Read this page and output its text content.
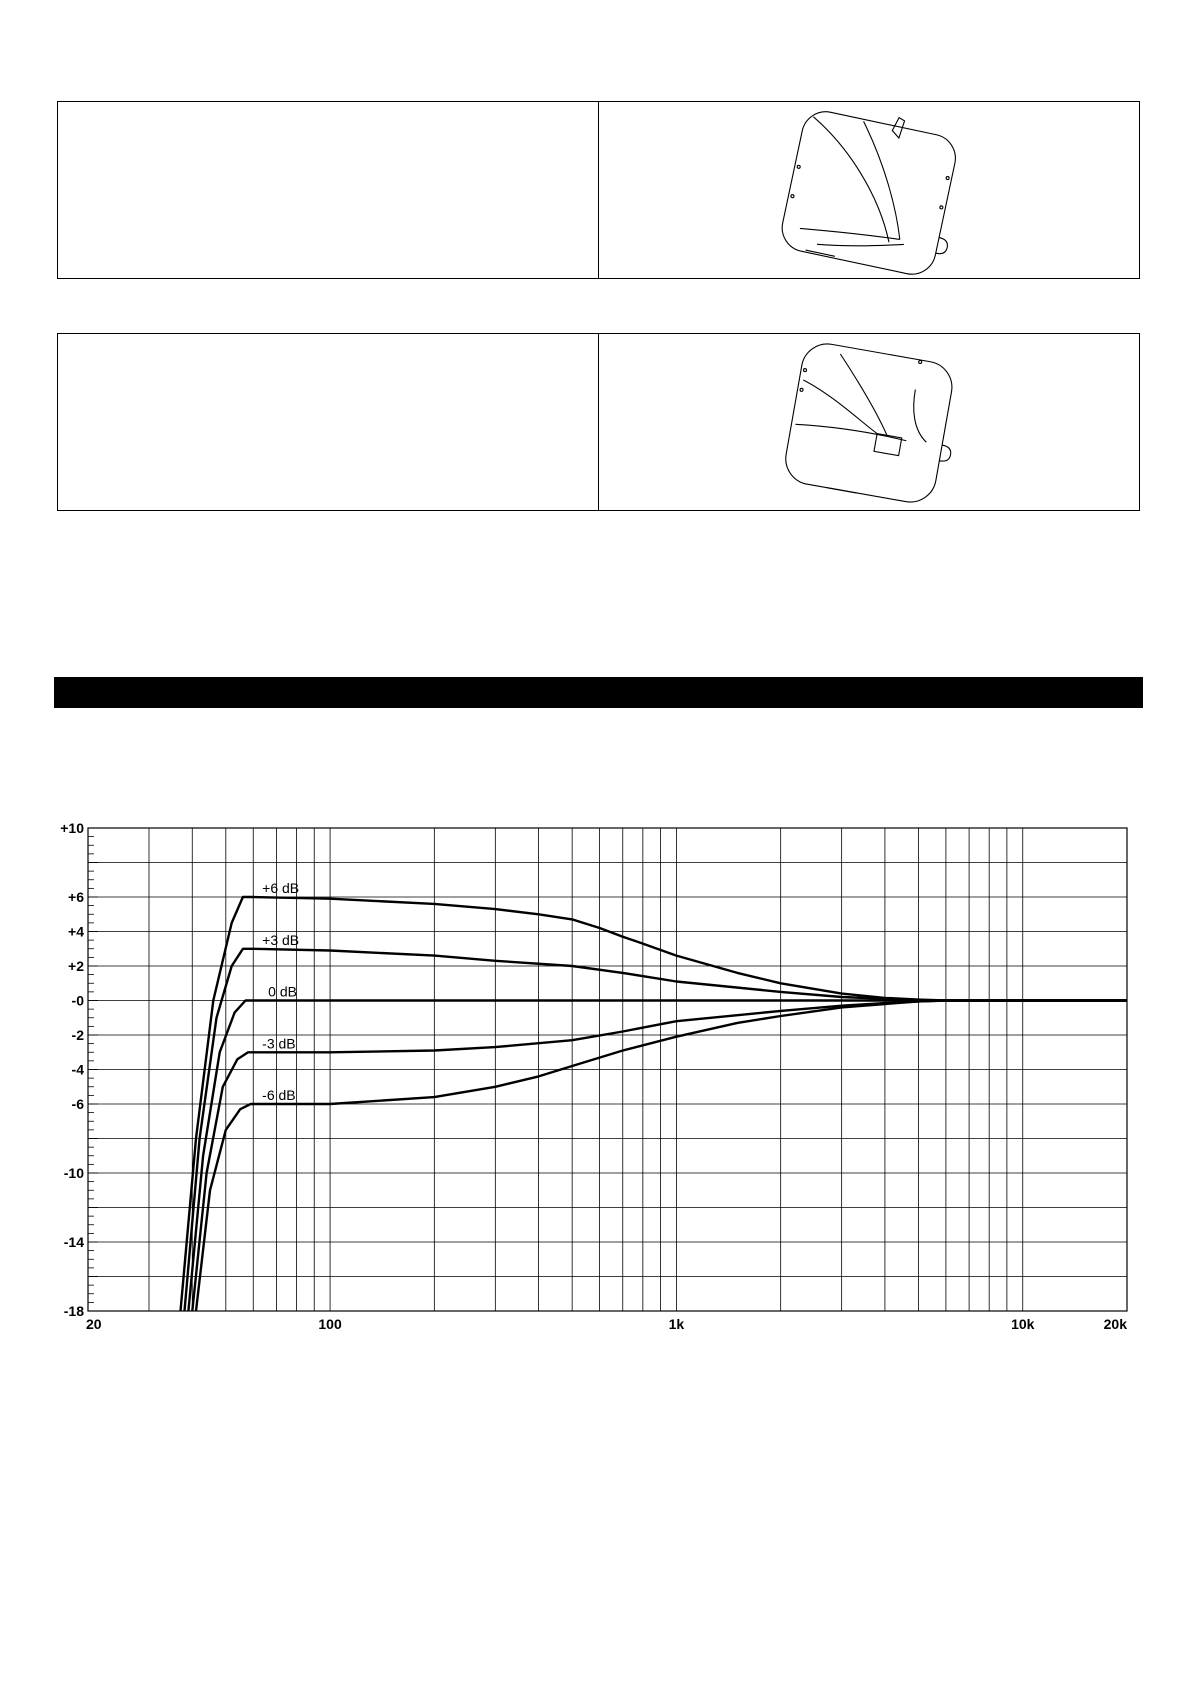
+10
+6
+4
+2
-0
-2
-4
-6
-10
-14
-18
20	100	1k	10k	20k
+6 dB
+3 dB
0 dB
-3 dB
-6 dB
